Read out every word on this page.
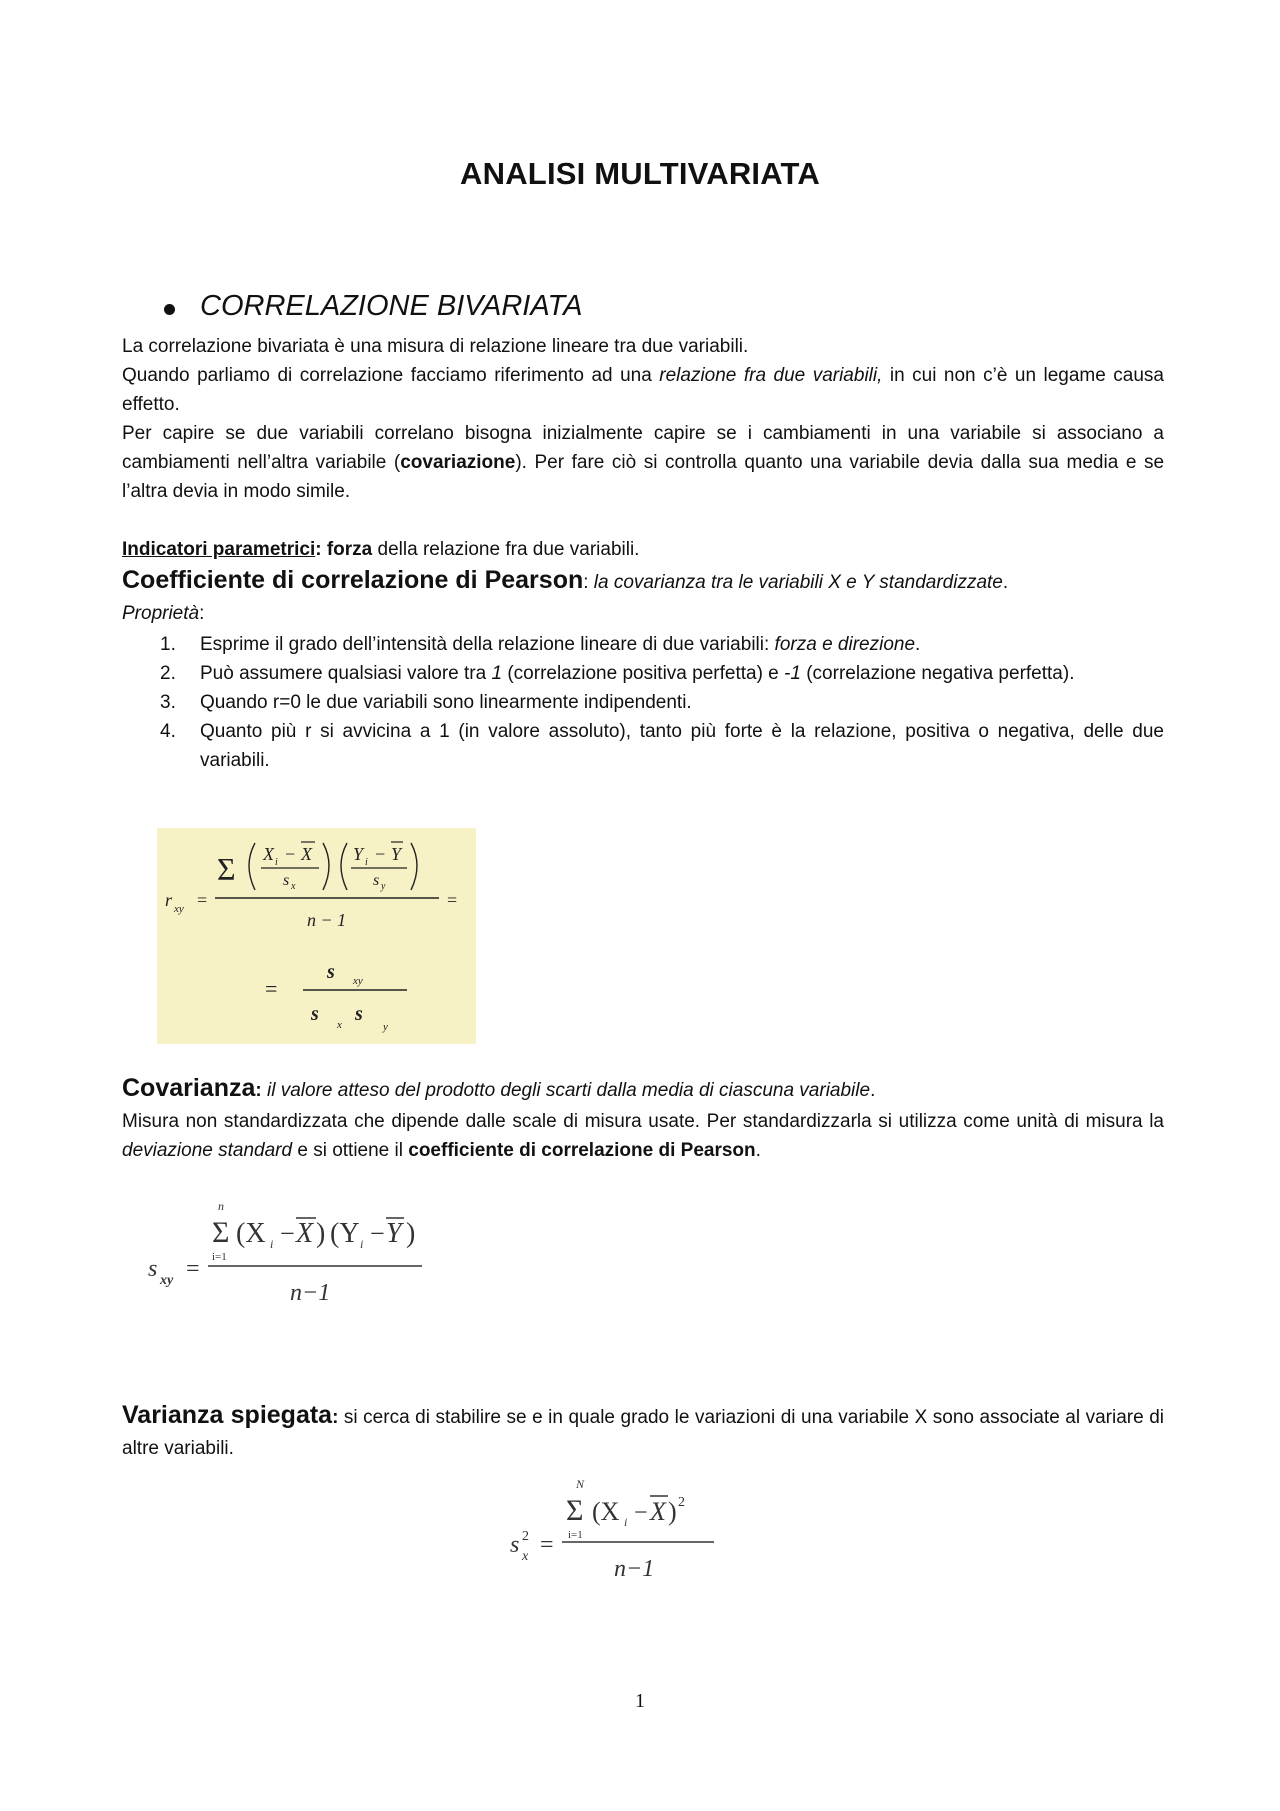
ANALISI MULTIVARIATA
CORRELAZIONE BIVARIATA

La correlazione bivariata è una misura di relazione lineare tra due variabili.

Quando parliamo di correlazione facciamo riferimento ad una relazione fra due variabili, in cui non c’è un legame causa effetto.

Per capire se due variabili correlano bisogna inizialmente capire se i cambiamenti in una variabile si associano a cambiamenti nell’altra variabile (covariazione). Per fare ciò si controlla quanto una variabile devia dalla sua media e se l’altra devia in modo simile.

Indicatori parametrici: forza della relazione fra due variabili.

Coefficiente di correlazione di Pearson: la covarianza tra le variabili X e Y standardizzate.

Proprietà:

1. Esprime il grado dell’intensità della relazione lineare di due variabili: forza e direzione.
2. Può assumere qualsiasi valore tra 1 (correlazione positiva perfetta) e -1 (correlazione negativa perfetta).
3. Quando r=0 le due variabili sono linearmente indipendenti.
4. Quanto più r si avvicina a 1 (in valore assoluto), tanto più forte è la relazione, positiva o negativa, delle due variabili.
r xy =
Σ X i − X
s x
Y i − Y
s y
n − 1
=
=
s xy
s x s
y

Covarianza: il valore atteso del prodotto degli scarti dalla media di ciascuna variabile.

Misura non standardizzata che dipende dalle scale di misura usate. Per standardizzarla si utilizza come unità di misura la deviazione standard e si ottiene il coefficiente di correlazione di Pearson.

s xy =
n
Σ
i=1
(X i − X ) (Y i − Y )
n−1

Varianza spiegata: si cerca di stabilire se e in quale grado le variazioni di una variabile X sono associate al variare di altre variabili.

s 2
x =
N
Σ
i=1
(X i − X ) 2
n−1
1
